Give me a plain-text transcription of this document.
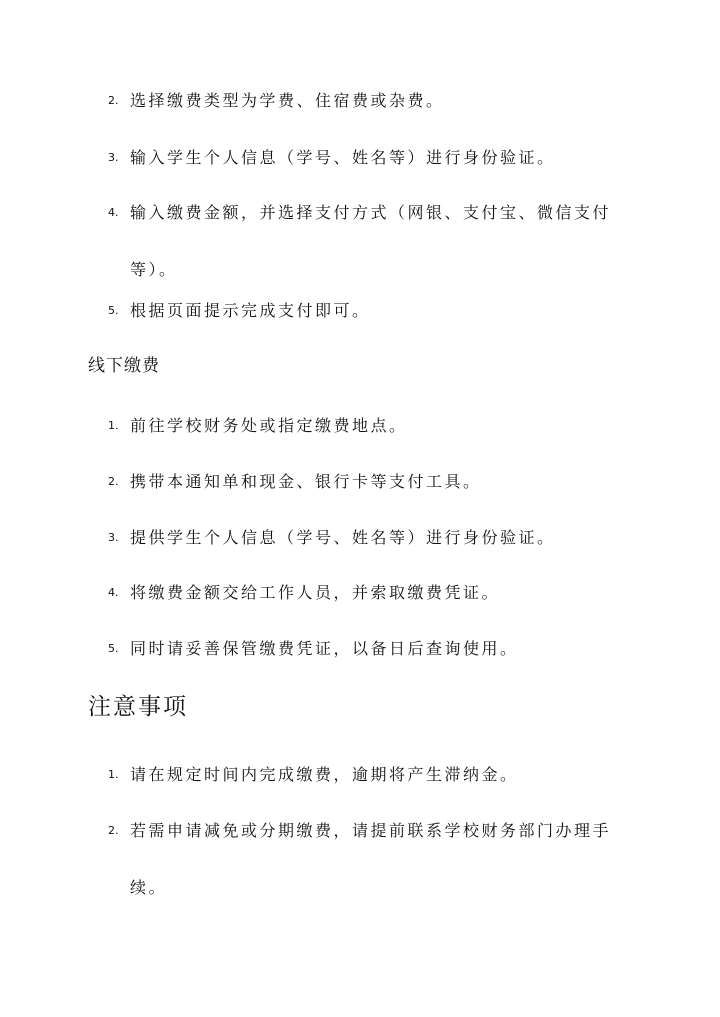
2. 选择缴费类型为学费、住宿费或杂费。
3. 输入学生个人信息（学号、姓名等）进行身份验证。
4. 输入缴费金额，并选择支付方式（网银、支付宝、微信支付
等）。
5. 根据页面提示完成支付即可。
线下缴费
1. 前往学校财务处或指定缴费地点。
2. 携带本通知单和现金、银行卡等支付工具。
3. 提供学生个人信息（学号、姓名等）进行身份验证。
4. 将缴费金额交给工作人员，并索取缴费凭证。
5. 同时请妥善保管缴费凭证，以备日后查询使用。
注意事项
1. 请在规定时间内完成缴费，逾期将产生滞纳金。
2. 若需申请减免或分期缴费，请提前联系学校财务部门办理手
续。
